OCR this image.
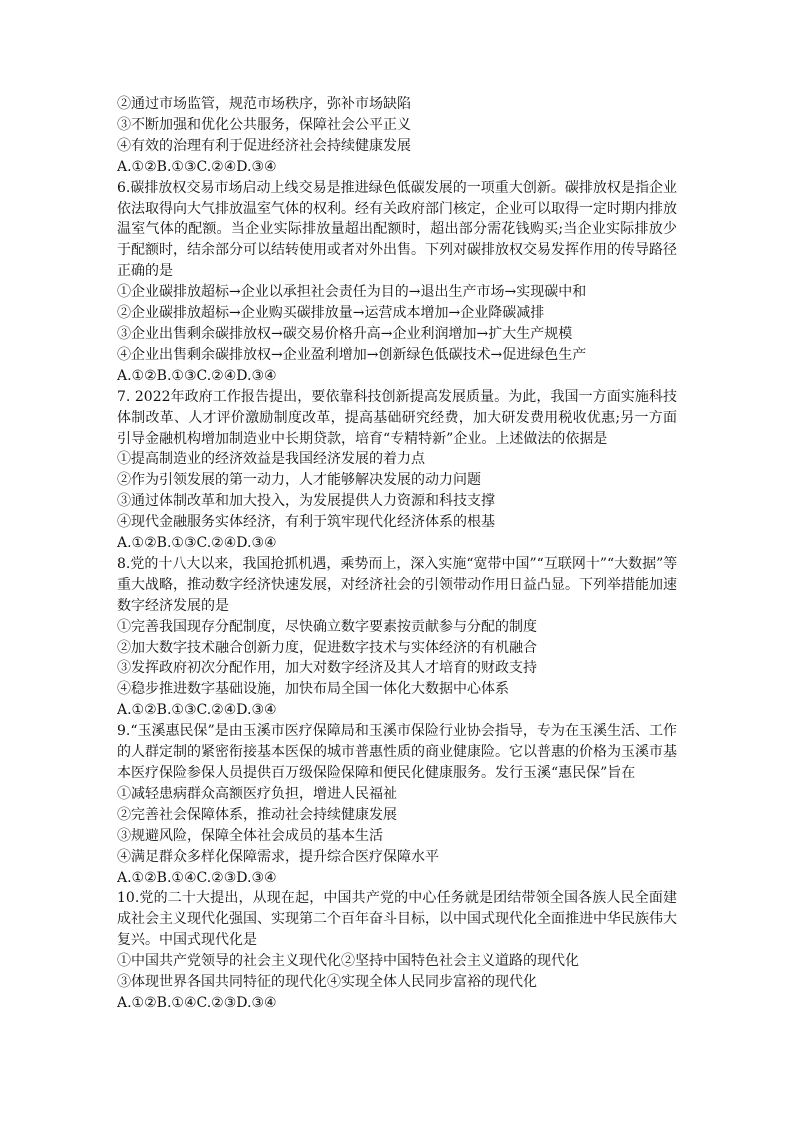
②通过市场监管，规范市场秩序，弥补市场缺陷
③不断加强和优化公共服务，保障社会公平正义
④有效的治理有利于促进经济社会持续健康发展
A.①②B.①③C.②④D.③④
6.碳排放权交易市场启动上线交易是推进绿色低碳发展的一项重大创新。碳排放权是指企业
依法取得向大气排放温室气体的权利。经有关政府部门核定，企业可以取得一定时期内排放
温室气体的配额。当企业实际排放量超出配额时，超出部分需花钱购买;当企业实际排放少
于配额时，结余部分可以结转使用或者对外出售。下列对碳排放权交易发挥作用的传导路径
正确的是
①企业碳排放超标→企业以承担社会责任为目的→退出生产市场→实现碳中和
②企业碳排放超标→企业购买碳排放量→运营成本增加→企业降碳减排
③企业出售剩余碳排放权→碳交易价格升高→企业利润增加→扩大生产规模
④企业出售剩余碳排放权→企业盈利增加→创新绿色低碳技术→促进绿色生产
A.①②B.①③C.②④D.③④
7. 2022年政府工作报告提出，要依靠科技创新提高发展质量。为此，我国一方面实施科技
体制改革、人才评价激励制度改革，提高基础研究经费，加大研发费用税收优惠;另一方面
引导金融机构增加制造业中长期贷款，培育“专精特新”企业。上述做法的依据是
①提高制造业的经济效益是我国经济发展的着力点
②作为引领发展的第一动力，人才能够解决发展的动力问题
③通过体制改革和加大投入，为发展提供人力资源和科技支撑
④现代金融服务实体经济，有利于筑牢现代化经济体系的根基
A.①②B.①③C.②④D.③④
8.党的十八大以来，我国抢抓机遇，乘势而上，深入实施“宽带中国”“互联网十”“大数据”等
重大战略，推动数字经济快速发展，对经济社会的引领带动作用日益凸显。下列举措能加速
数字经济发展的是
①完善我国现存分配制度，尽快确立数字要素按贡献参与分配的制度
②加大数字技术融合创新力度，促进数字技术与实体经济的有机融合
③发挥政府初次分配作用，加大对数字经济及其人才培育的财政支持
④稳步推进数字基础设施，加快布局全国一体化大数据中心体系
A.①②B.①③C.②④D.③④
9.“玉溪惠民保”是由玉溪市医疗保障局和玉溪市保险行业协会指导，专为在玉溪生活、工作
的人群定制的紧密衔接基本医保的城市普惠性质的商业健康险。它以普惠的价格为玉溪市基
本医疗保险参保人员提供百万级保险保障和便民化健康服务。发行玉溪“惠民保”旨在
①减轻患病群众高额医疗负担，增进人民福祉
②完善社会保障体系，推动社会持续健康发展
③规避风险，保障全体社会成员的基本生活
④满足群众多样化保障需求，提升综合医疗保障水平
A.①②B.①④C.②③D.③④
10.党的二十大提出，从现在起，中国共产党的中心任务就是团结带领全国各族人民全面建
成社会主义现代化强国、实现第二个百年奋斗目标，以中国式现代化全面推进中华民族伟大
复兴。中国式现代化是
①中国共产党领导的社会主义现代化②坚持中国特色社会主义道路的现代化
③体现世界各国共同特征的现代化④实现全体人民同步富裕的现代化
A.①②B.①④C.②③D.③④
